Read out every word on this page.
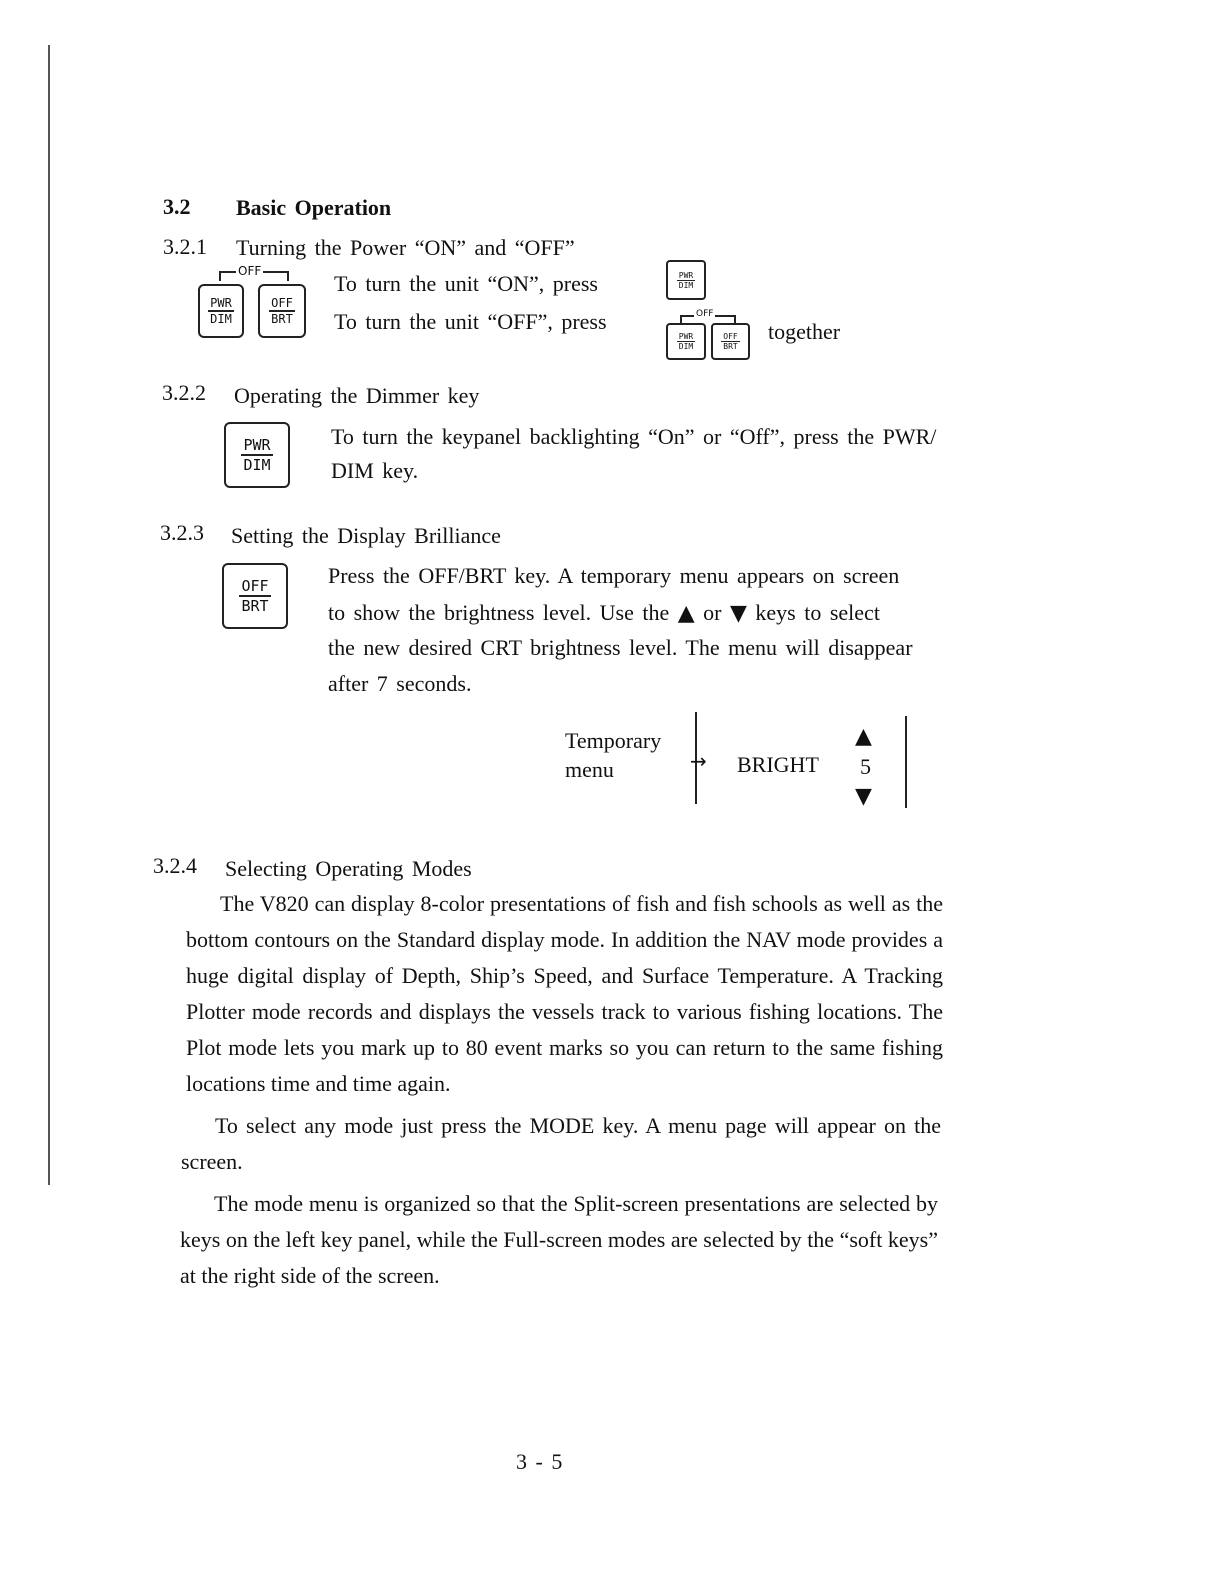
3.2 Basic Operation
3.2.1 Turning the Power “ON” and “OFF”
OFF
PWR
DIM
OFF
BRT
To turn the unit “ON”, press	PWR
DIM
To turn the unit “OFF”, press	OFF
PWR
DIM
OFF
BRT
together
3.2.2 Operating the Dimmer key
PWR
DIM
To turn the keypanel backlighting “On” or “Off”, press the PWR/
DIM key.
3.2.3 Setting the Display Brilliance
OFF
BRT
Press the OFF/BRT key. A temporary menu appears on screen
to show the brightness level. Use the ▲ or ▼ keys to select
the new desired CRT brightness level. The menu will disappear
after 7 seconds.
Temporary
menu	→ BRIGHT
▲
5
▼
3.2.4 Selecting Operating Modes

The V820 can display 8-color presentations of fish and fish schools as well as the bottom contours on the Standard display mode. In addition the NAV mode provides a huge digital display of Depth, Ship’s Speed, and Surface Temperature. A Tracking Plotter mode records and displays the vessels track to various fishing locations. The Plot mode lets you mark up to 80 event marks so you can return to the same fishing locations time and time again.

To select any mode just press the MODE key. A menu page will appear on the screen.

The mode menu is organized so that the Split-screen presentations are selected by keys on the left key panel, while the Full-screen modes are selected by the “soft keys” at the right side of the screen.

3 - 5
